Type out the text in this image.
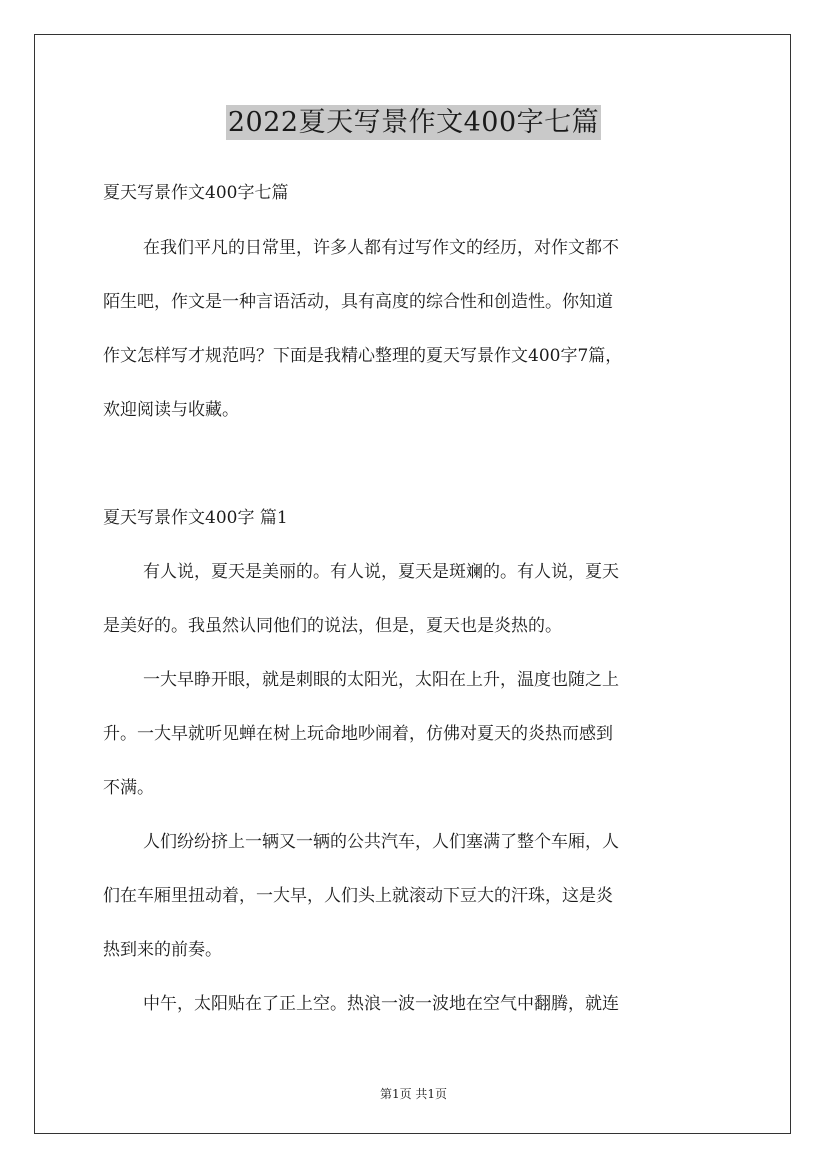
2022夏天写景作文400字七篇
夏天写景作文400字七篇
在我们平凡的日常里，许多人都有过写作文的经历，对作文都不
陌生吧，作文是一种言语活动，具有高度的综合性和创造性。你知道
作文怎样写才规范吗？下面是我精心整理的夏天写景作文400字7篇，
欢迎阅读与收藏。
夏天写景作文400字 篇1
有人说，夏天是美丽的。有人说，夏天是斑斓的。有人说，夏天
是美好的。我虽然认同他们的说法，但是，夏天也是炎热的。
一大早睁开眼，就是刺眼的太阳光，太阳在上升，温度也随之上
升。一大早就听见蝉在树上玩命地吵闹着，仿佛对夏天的炎热而感到
不满。
人们纷纷挤上一辆又一辆的公共汽车，人们塞满了整个车厢，人
们在车厢里扭动着，一大早，人们头上就滚动下豆大的汗珠，这是炎
热到来的前奏。
中午，太阳贴在了正上空。热浪一波一波地在空气中翻腾，就连
第1页 共1页
